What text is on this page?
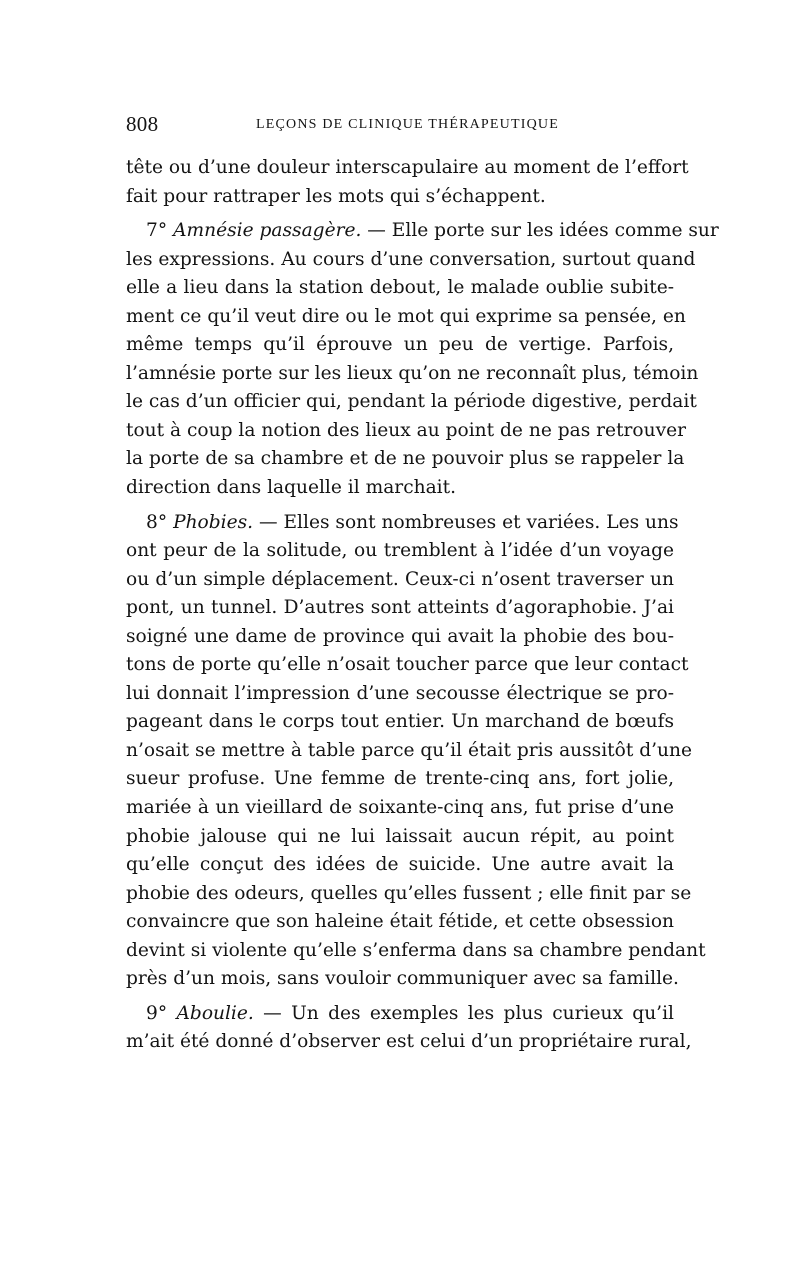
808	LEÇONS DE CLINIQUE THÉRAPEUTIQUE
tête ou d’une douleur interscapulaire au moment de l’effort
fait pour rattraper les mots qui s’échappent.
7° Amnésie passagère. — Elle porte sur les idées comme sur
les expressions. Au cours d’une conversation, surtout quand
elle a lieu dans la station debout, le malade oublie subite-
ment ce qu’il veut dire ou le mot qui exprime sa pensée, en
même temps qu’il éprouve un peu de vertige. Parfois,
l’amnésie porte sur les lieux qu’on ne reconnaît plus, témoin
le cas d’un officier qui, pendant la période digestive, perdait
tout à coup la notion des lieux au point de ne pas retrouver
la porte de sa chambre et de ne pouvoir plus se rappeler la
direction dans laquelle il marchait.
8° Phobies. — Elles sont nombreuses et variées. Les uns
ont peur de la solitude, ou tremblent à l’idée d’un voyage
ou d’un simple déplacement. Ceux-ci n’osent traverser un
pont, un tunnel. D’autres sont atteints d’agoraphobie. J’ai
soigné une dame de province qui avait la phobie des bou-
tons de porte qu’elle n’osait toucher parce que leur contact
lui donnait l’impression d’une secousse électrique se pro-
pageant dans le corps tout entier. Un marchand de bœufs
n’osait se mettre à table parce qu’il était pris aussitôt d’une
sueur profuse. Une femme de trente-cinq ans, fort jolie,
mariée à un vieillard de soixante-cinq ans, fut prise d’une
phobie jalouse qui ne lui laissait aucun répit, au point
qu’elle conçut des idées de suicide. Une autre avait la
phobie des odeurs, quelles qu’elles fussent ; elle finit par se
convaincre que son haleine était fétide, et cette obsession
devint si violente qu’elle s’enferma dans sa chambre pendant
près d’un mois, sans vouloir communiquer avec sa famille.
9° Aboulie. — Un des exemples les plus curieux qu’il
m’ait été donné d’observer est celui d’un propriétaire rural,
